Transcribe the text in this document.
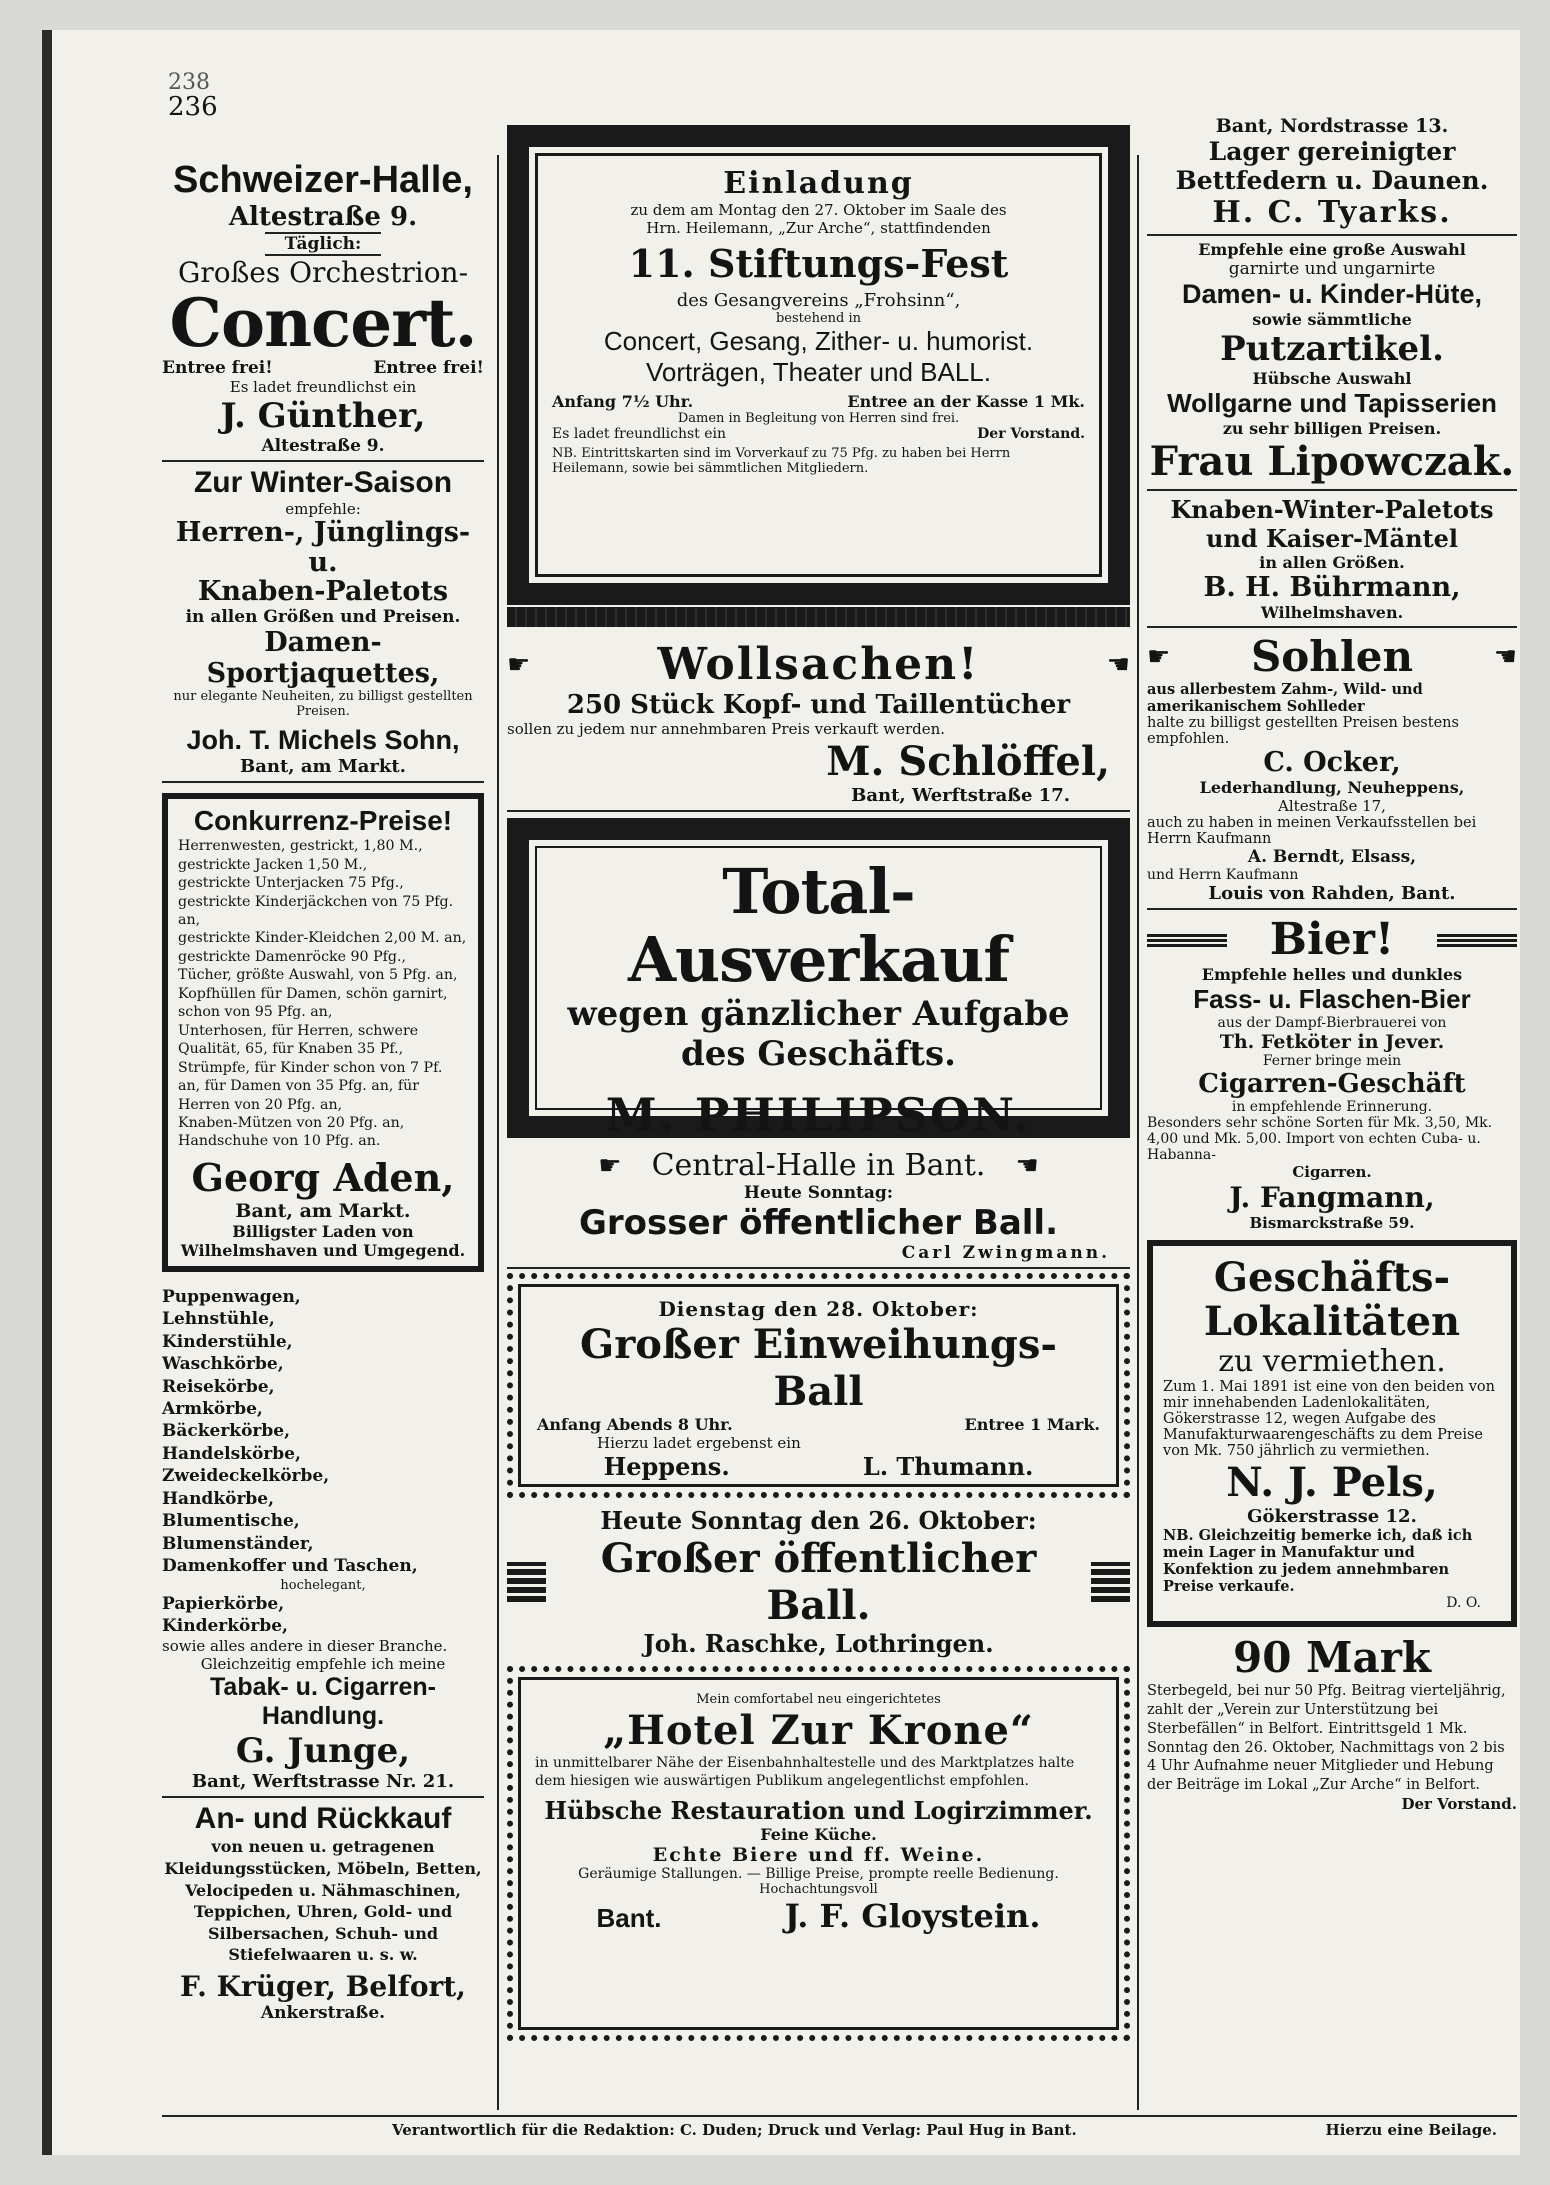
238
236

Schweizer-Halle,

Altestraße 9.

Täglich:

Großes Orchestrion-

Concert.

Entree frei!	Entree frei!

Es ladet freundlichst ein

J. Günther,

Altestraße 9.

Zur Winter-Saison

empfehle:

Herren-, Jünglings- u.

Knaben-Paletots

in allen Größen und Preisen.

Damen-Sportjaquettes,

nur elegante Neuheiten, zu billigst gestellten Preisen.

Joh. T. Michels Sohn,

Bant, am Markt.

Conkurrenz-Preise!

Herrenwesten, gestrickt, 1,80 M.,
gestrickte Jacken 1,50 M.,
gestrickte Unterjacken 75 Pfg.,
gestrickte Kinderjäckchen von 75 Pfg. an,
gestrickte Kinder-Kleidchen 2,00 M. an,
gestrickte Damenröcke 90 Pfg.,
Tücher, größte Auswahl, von 5 Pfg. an,
Kopfhüllen für Damen, schön garnirt, schon von 95 Pfg. an,
Unterhosen, für Herren, schwere Qualität, 65, für Knaben 35 Pf.,
Strümpfe, für Kinder schon von 7 Pf. an, für Damen von 35 Pfg. an, für Herren von 20 Pfg. an,
Knaben-Mützen von 20 Pfg. an,
Handschuhe von 10 Pfg. an.

Georg Aden,

Bant, am Markt.

Billigster Laden von Wilhelmshaven und Umgegend.

Puppenwagen,
Lehnstühle,
Kinderstühle,
Waschkörbe,
Reisekörbe,
Armkörbe,
Bäckerkörbe,
Handelskörbe,
Zweideckelkörbe,
Handkörbe,
Blumentische,
Blumenständer,
Damenkoffer und Taschen,

hochelegant,

Papierkörbe,
Kinderkörbe,

sowie alles andere in dieser Branche.

Gleichzeitig empfehle ich meine

Tabak- u. Cigarren-Handlung.

G. Junge,

Bant, Werftstrasse Nr. 21.

An- und Rückkauf

von neuen u. getragenen Kleidungsstücken, Möbeln, Betten, Velocipeden u. Nähmaschinen, Teppichen, Uhren, Gold- und Silbersachen, Schuh- und Stiefelwaaren u. s. w.

F. Krüger, Belfort,

Ankerstraße.

Einladung

zu dem am Montag den 27. Oktober im Saale des

Hrn. Heilemann, „Zur Arche“, stattfindenden

11. Stiftungs-Fest

des Gesangvereins „Frohsinn“,

bestehend in

Concert, Gesang, Zither- u. humorist.

Vorträgen, Theater und BALL.

Anfang 7½ Uhr.	Entree an der Kasse 1 Mk.

Damen in Begleitung von Herren sind frei.

Es ladet freundlichst ein	Der Vorstand.

NB. Eintrittskarten sind im Vorverkauf zu 75 Pfg. zu haben bei Herrn Heilemann, sowie bei sämmtlichen Mitgliedern.

☛	Wollsachen!	☚

250 Stück Kopf- und Taillentücher

sollen zu jedem nur annehmbaren Preis verkauft werden.

M. Schlöffel,

Bant, Werftstraße 17.

Total-Ausverkauf

wegen gänzlicher Aufgabe

des Geschäfts.

M. PHILIPSON.

☛ Central-Halle in Bant. ☚

Heute Sonntag:

Grosser öffentlicher Ball.

Carl Zwingmann.

Dienstag den 28. Oktober:

Großer Einweihungs-Ball

Anfang Abends 8 Uhr.	Entree 1 Mark.

Hierzu ladet ergebenst ein

Heppens.	L. Thumann.

Heute Sonntag den 26. Oktober:

Großer öffentlicher Ball.

Joh. Raschke, Lothringen.

Mein comfortabel neu eingerichtetes

„Hotel Zur Krone“

in unmittelbarer Nähe der Eisenbahnhaltestelle und des Marktplatzes halte dem hiesigen wie auswärtigen Publikum angelegentlichst empfohlen.

Hübsche Restauration und Logirzimmer.

Feine Küche.

Echte Biere und ff. Weine.

Geräumige Stallungen. — Billige Preise, prompte reelle Bedienung.

Hochachtungsvoll

Bant.	J. F. Gloystein.

Bant, Nordstrasse 13.

Lager gereinigter

Bettfedern u. Daunen.

H. C. Tyarks.

Empfehle eine große Auswahl

garnirte und ungarnirte

Damen- u. Kinder-Hüte,

sowie sämmtliche

Putzartikel.

Hübsche Auswahl

Wollgarne und Tapisserien

zu sehr billigen Preisen.

Frau Lipowczak.

Knaben-Winter-Paletots

und Kaiser-Mäntel

in allen Größen.

B. H. Bührmann,

Wilhelmshaven.

☛ Sohlen	☚

aus allerbestem Zahm-, Wild- und amerikanischem Sohlleder

halte zu billigst gestellten Preisen bestens empfohlen.

C. Ocker,

Lederhandlung, Neuheppens,

Altestraße 17,

auch zu haben in meinen Verkaufsstellen bei Herrn Kaufmann

A. Berndt, Elsass,

und Herrn Kaufmann

Louis von Rahden, Bant.

Bier!

Empfehle helles und dunkles

Fass- u. Flaschen-Bier

aus der Dampf-Bierbrauerei von

Th. Fetköter in Jever.

Ferner bringe mein

Cigarren-Geschäft

in empfehlende Erinnerung.

Besonders sehr schöne Sorten für Mk. 3,50, Mk. 4,00 und Mk. 5,00. Import von echten Cuba- u. Habanna-

Cigarren.

J. Fangmann,

Bismarckstraße 59.

Geschäfts-

Lokalitäten

zu vermiethen.

Zum 1. Mai 1891 ist eine von den beiden von mir innehabenden Ladenlokalitäten, Gökerstrasse 12, wegen Aufgabe des Manufakturwaarengeschäfts zu dem Preise von Mk. 750 jährlich zu vermiethen.

N. J. Pels,

Gökerstrasse 12.

NB. Gleichzeitig bemerke ich, daß ich mein Lager in Manufaktur und Konfektion zu jedem annehmbaren Preise verkaufe.

D. O.

90 Mark

Sterbegeld, bei nur 50 Pfg. Beitrag vierteljährig, zahlt der „Verein zur Unterstützung bei Sterbefällen“ in Belfort. Eintrittsgeld 1 Mk. Sonntag den 26. Oktober, Nachmittags von 2 bis 4 Uhr Aufnahme neuer Mitglieder und Hebung der Beiträge im Lokal „Zur Arche“ in Belfort.

Der Vorstand.

Verantwortlich für die Redaktion: C. Duden; Druck und Verlag: Paul Hug in Bant.	Hierzu eine Beilage.
